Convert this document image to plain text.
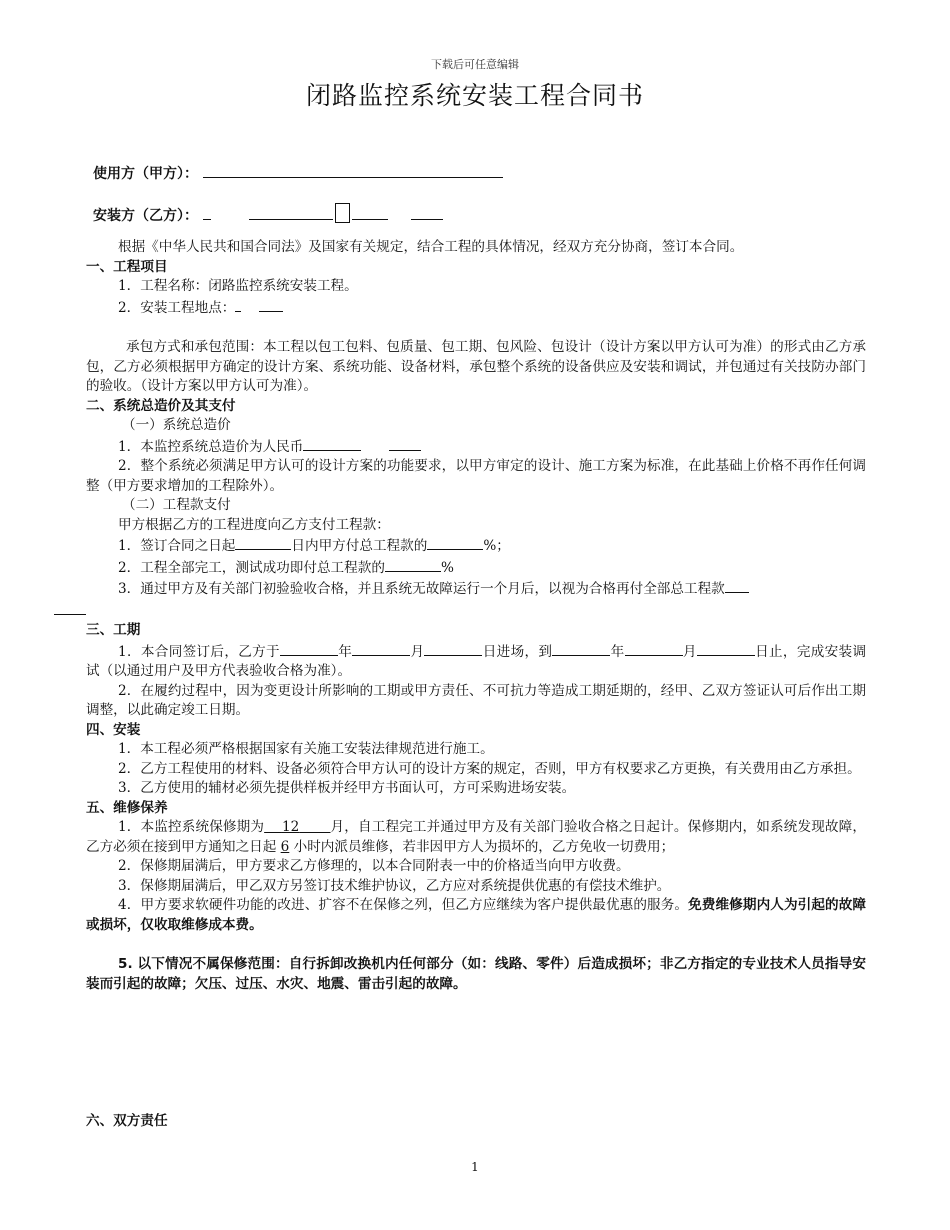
下载后可任意编辑
闭路监控系统安装工程合同书
使用方（甲方）：
安装方（乙方）：

根据《中华人民共和国合同法》及国家有关规定，结合工程的具体情况，经双方充分协商，签订本合同。

一、工程项目

1．工程名称：闭路监控系统安装工程。

2．安装工程地点：

承包方式和承包范围：本工程以包工包料、包质量、包工期、包风险、包设计（设计方案以甲方认可为准）的形式由乙方承包，乙方必须根据甲方确定的设计方案、系统功能、设备材料，承包整个系统的设备供应及安装和调试，并包通过有关技防办部门的验收。（设计方案以甲方认可为准）。

二、系统总造价及其支付

（一）系统总造价

1．本监控系统总造价为人民币

2．整个系统必须满足甲方认可的设计方案的功能要求，以甲方审定的设计、施工方案为标准，在此基础上价格不再作任何调整（甲方要求增加的工程除外）。

（二）工程款支付

甲方根据乙方的工程进度向乙方支付工程款：

1．签订合同之日起	日内甲方付总工程款的	%；

2．工程全部完工，测试成功即付总工程款的	%

3．通过甲方及有关部门初验验收合格，并且系统无故障运行一个月后，以视为合格再付全部总工程款

三、工期

1．本合同签订后，乙方于	年	月	日进场，到	年	月	日止，完成安装调试（以通过用户及甲方代表验收合格为准）。

2．在履约过程中，因为变更设计所影响的工期或甲方责任、不可抗力等造成工期延期的，经甲、乙双方签证认可后作出工期调整，以此确定竣工日期。

四、安装

1．本工程必须严格根据国家有关施工安装法律规范进行施工。

2．乙方工程使用的材料、设备必须符合甲方认可的设计方案的规定，否则，甲方有权要求乙方更换，有关费用由乙方承担。

3．乙方使用的辅材必须先提供样板并经甲方书面认可，方可采购进场安装。

五、维修保养

1．本监控系统保修期为 12 月，自工程完工并通过甲方及有关部门验收合格之日起计。保修期内，如系统发现故障，乙方必须在接到甲方通知之日起 6 小时内派员维修，若非因甲方人为损坏的，乙方免收一切费用；

2．保修期届满后，甲方要求乙方修理的，以本合同附表一中的价格适当向甲方收费。

3．保修期届满后，甲乙双方另签订技术维护协议，乙方应对系统提供优惠的有偿技术维护。

4．甲方要求软硬件功能的改进、扩容不在保修之列，但乙方应继续为客户提供最优惠的服务。免费维修期内人为引起的故障或损坏，仅收取维修成本费。

5. 以下情况不属保修范围：自行拆卸改换机内任何部分（如：线路、零件）后造成损坏；非乙方指定的专业技术人员指导安装而引起的故障；欠压、过压、水灾、地震、雷击引起的故障。

六、双方责任

1
